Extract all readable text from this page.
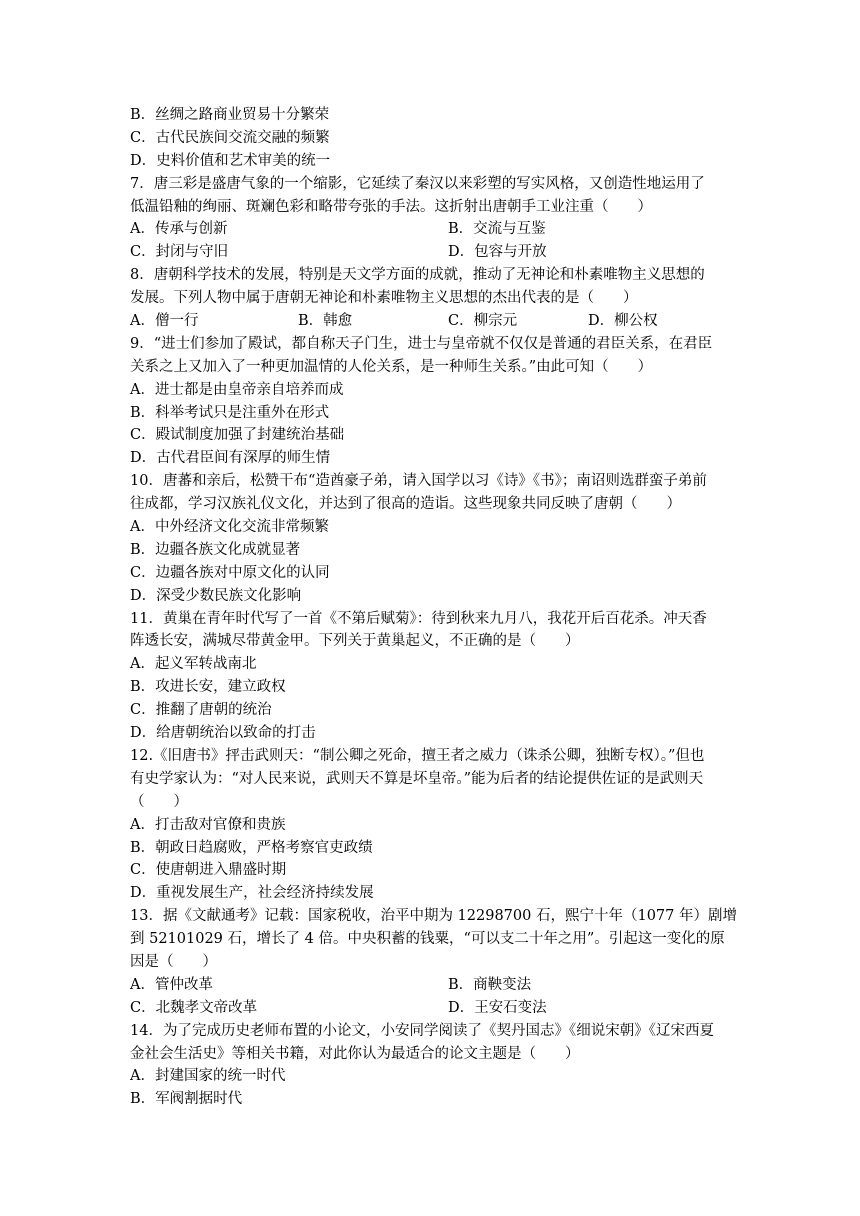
B．丝绸之路商业贸易十分繁荣
C．古代民族间交流交融的频繁
D．史料价值和艺术审美的统一
7．唐三彩是盛唐气象的一个缩影，它延续了秦汉以来彩塑的写实风格，又创造性地运用了
低温铅釉的绚丽、斑斓色彩和略带夸张的手法。这折射出唐朝手工业注重（　　）
A．传承与创新	B．交流与互鉴
C．封闭与守旧	D．包容与开放
8．唐朝科学技术的发展，特别是天文学方面的成就，推动了无神论和朴素唯物主义思想的
发展。下列人物中属于唐朝无神论和朴素唯物主义思想的杰出代表的是（　　）
A．僧一行	B．韩愈	C．柳宗元	D．柳公权
9．“进士们参加了殿试，都自称天子门生，进士与皇帝就不仅仅是普通的君臣关系，在君臣
关系之上又加入了一种更加温情的人伦关系，是一种师生关系。”由此可知（　　）
A．进士都是由皇帝亲自培养而成
B．科举考试只是注重外在形式
C．殿试制度加强了封建统治基础
D．古代君臣间有深厚的师生情
10．唐蕃和亲后，松赞干布“造酋豪子弟，请入国学以习《诗》《书》；南诏则选群蛮子弟前
往成都，学习汉族礼仪文化，并达到了很高的造诣。这些现象共同反映了唐朝（　　）
A．中外经济文化交流非常频繁
B．边疆各族文化成就显著
C．边疆各族对中原文化的认同
D．深受少数民族文化影响
11．黄巢在青年时代写了一首《不第后赋菊》：待到秋来九月八，我花开后百花杀。冲天香
阵透长安，满城尽带黄金甲。下列关于黄巢起义，不正确的是（　　）
A．起义军转战南北
B．攻进长安，建立政权
C．推翻了唐朝的统治
D．给唐朝统治以致命的打击
12.《旧唐书》抨击武则天：“制公卿之死命，擅王者之威力（诛杀公卿，独断专权）。”但也
有史学家认为：“对人民来说，武则天不算是坏皇帝。”能为后者的结论提供佐证的是武则天
（　　）
A．打击敌对官僚和贵族
B．朝政日趋腐败，严格考察官吏政绩
C．使唐朝进入鼎盛时期
D．重视发展生产，社会经济持续发展
13．据《文献通考》记载：国家税收，治平中期为 12298700 石，熙宁十年（1077 年）剧增
到 52101029 石，增长了 4 倍。中央积蓄的钱粟，“可以支二十年之用”。引起这一变化的原
因是（　　）
A．管仲改革	B．商鞅变法
C．北魏孝文帝改革	D．王安石变法
14．为了完成历史老师布置的小论文，小安同学阅读了《契丹国志》《细说宋朝》《辽宋西夏
金社会生活史》等相关书籍，对此你认为最适合的论文主题是（　　）
A．封建国家的统一时代
B．军阀割据时代
